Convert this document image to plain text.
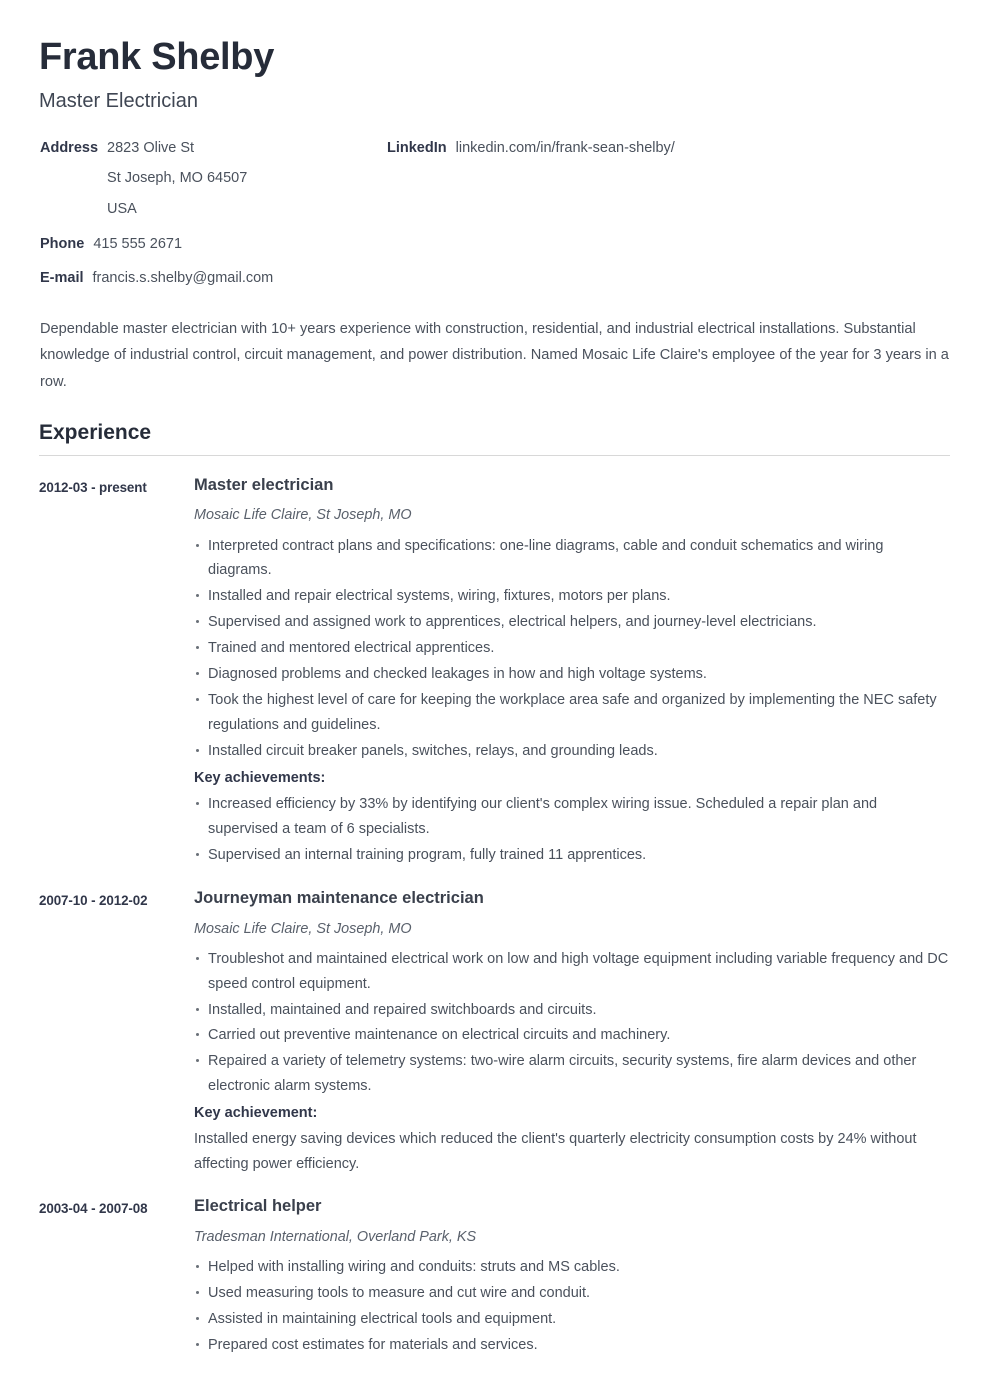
Frank Shelby
Master Electrician
Address 2823 Olive St
St Joseph, MO 64507
USA
Phone 415 555 2671
E-mail francis.s.shelby@gmail.com
LinkedIn linkedin.com/in/frank-sean-shelby/
Dependable master electrician with 10+ years experience with construction, residential, and industrial electrical installations. Substantial knowledge of industrial control, circuit management, and power distribution. Named Mosaic Life Claire's employee of the year for 3 years in a row.
Experience
2012-03 - present	Master electrician
Mosaic Life Claire, St Joseph, MO
Interpreted contract plans and specifications: one-line diagrams, cable and conduit schematics and wiring diagrams.
Installed and repair electrical systems, wiring, fixtures, motors per plans.
Supervised and assigned work to apprentices, electrical helpers, and journey-level electricians.
Trained and mentored electrical apprentices.
Diagnosed problems and checked leakages in how and high voltage systems.
Took the highest level of care for keeping the workplace area safe and organized by implementing the NEC safety regulations and guidelines.
Installed circuit breaker panels, switches, relays, and grounding leads.
Key achievements:
Increased efficiency by 33% by identifying our client's complex wiring issue. Scheduled a repair plan and supervised a team of 6 specialists.
Supervised an internal training program, fully trained 11 apprentices.
2007-10 - 2012-02	Journeyman maintenance electrician
Mosaic Life Claire, St Joseph, MO
Troubleshot and maintained electrical work on low and high voltage equipment including variable frequency and DC speed control equipment.
Installed, maintained and repaired switchboards and circuits.
Carried out preventive maintenance on electrical circuits and machinery.
Repaired a variety of telemetry systems: two-wire alarm circuits, security systems, fire alarm devices and other electronic alarm systems.
Key achievement:

Installed energy saving devices which reduced the client's quarterly electricity consumption costs by 24% without affecting power efficiency.

2003-04 - 2007-08	Electrical helper
Tradesman International, Overland Park, KS
Helped with installing wiring and conduits: struts and MS cables.
Used measuring tools to measure and cut wire and conduit.
Assisted in maintaining electrical tools and equipment.
Prepared cost estimates for materials and services.
